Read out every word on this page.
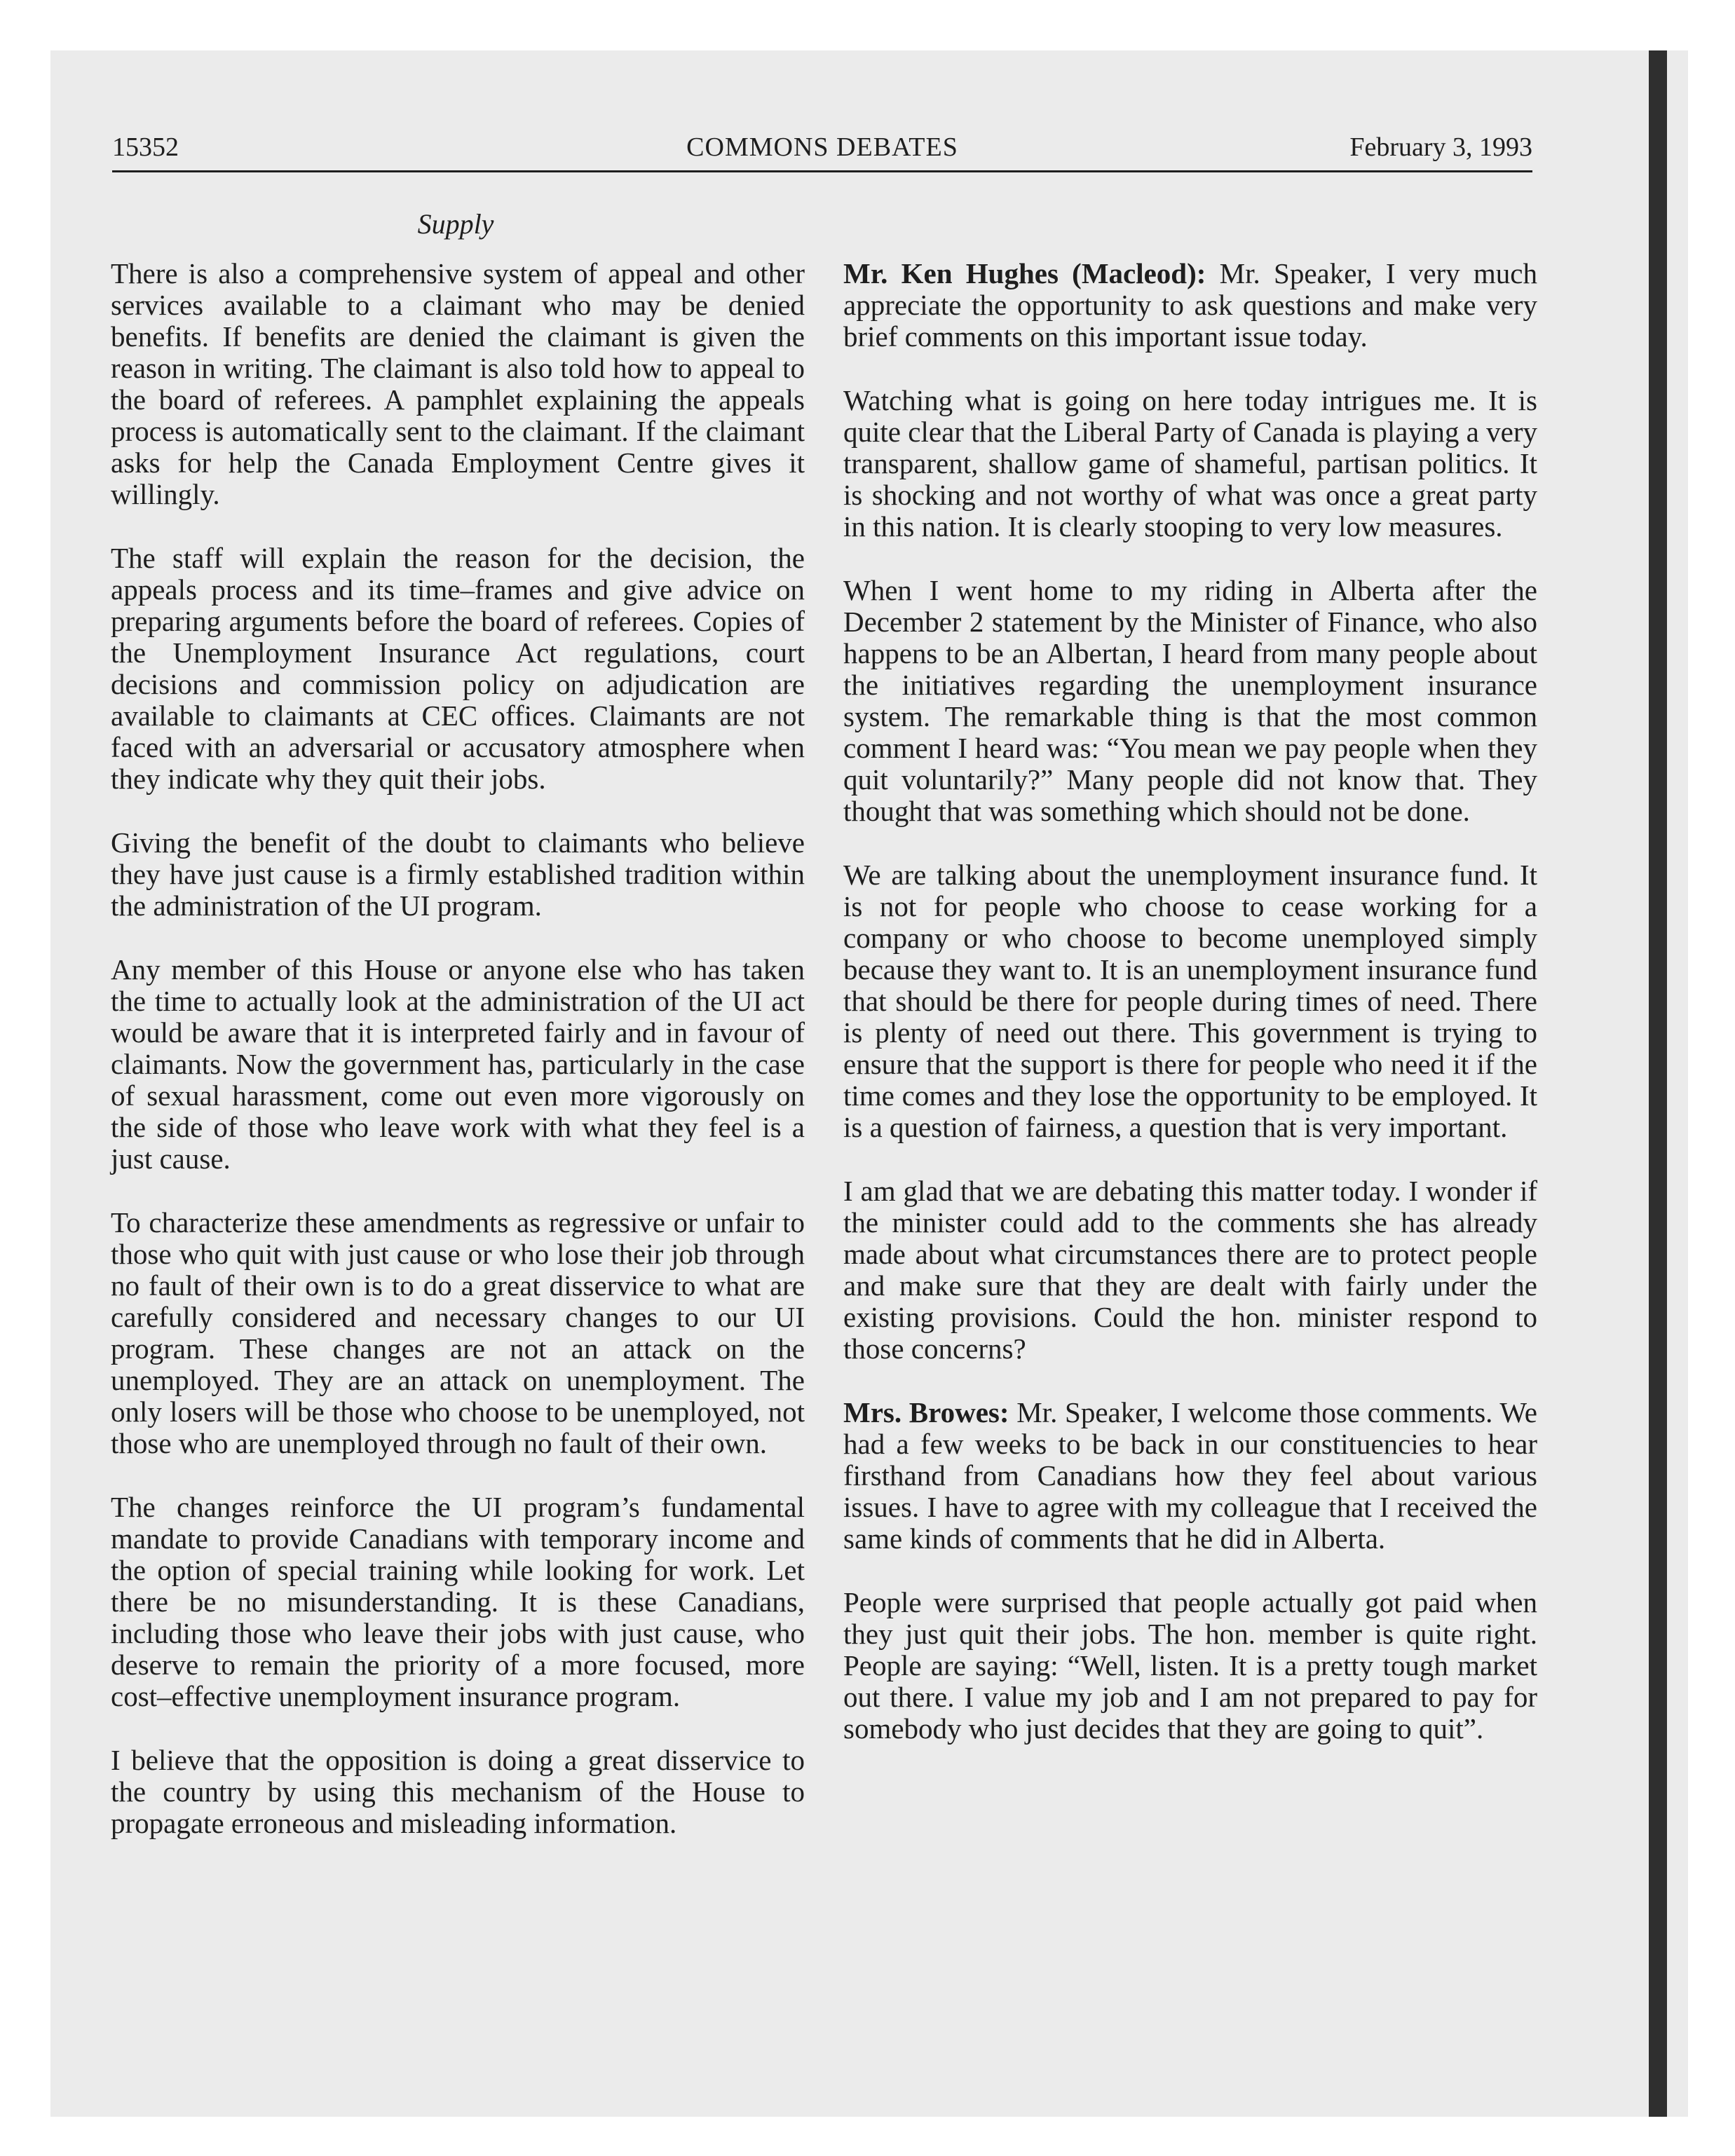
15352	COMMONS DEBATES	February 3, 1993
Supply

There is also a comprehensive system of appeal and other services available to a claimant who may be denied benefits. If benefits are denied the claimant is given the reason in writing. The claimant is also told how to appeal to the board of referees. A pamphlet explaining the appeals process is automatically sent to the claimant. If the claimant asks for help the Canada Employment Centre gives it willingly.

The staff will explain the reason for the decision, the appeals process and its time–frames and give advice on preparing arguments before the board of referees. Copies of the Unemployment Insurance Act regulations, court decisions and commission policy on adjudication are available to claimants at CEC offices. Claimants are not faced with an adversarial or accusatory atmosphere when they indicate why they quit their jobs.

Giving the benefit of the doubt to claimants who believe they have just cause is a firmly established tradition within the administration of the UI program.

Any member of this House or anyone else who has taken the time to actually look at the administration of the UI act would be aware that it is interpreted fairly and in favour of claimants. Now the government has, particularly in the case of sexual harassment, come out even more vigorously on the side of those who leave work with what they feel is a just cause.

To characterize these amendments as regressive or unfair to those who quit with just cause or who lose their job through no fault of their own is to do a great disservice to what are carefully considered and necessary changes to our UI program. These changes are not an attack on the unemployed. They are an attack on unemployment. The only losers will be those who choose to be unemployed, not those who are unemployed through no fault of their own.

The changes reinforce the UI program’s fundamental mandate to provide Canadians with temporary income and the option of special training while looking for work. Let there be no misunderstanding. It is these Canadians, including those who leave their jobs with just cause, who deserve to remain the priority of a more focused, more cost–effective unemployment insurance program.

I believe that the opposition is doing a great disservice to the country by using this mechanism of the House to propagate erroneous and misleading information.

Mr. Ken Hughes (Macleod): Mr. Speaker, I very much appreciate the opportunity to ask questions and make very brief comments on this important issue today.

Watching what is going on here today intrigues me. It is quite clear that the Liberal Party of Canada is playing a very transparent, shallow game of shameful, partisan politics. It is shocking and not worthy of what was once a great party in this nation. It is clearly stooping to very low measures.

When I went home to my riding in Alberta after the December 2 statement by the Minister of Finance, who also happens to be an Albertan, I heard from many people about the initiatives regarding the unemployment insurance system. The remarkable thing is that the most common comment I heard was: “You mean we pay people when they quit voluntarily?” Many people did not know that. They thought that was something which should not be done.

We are talking about the unemployment insurance fund. It is not for people who choose to cease working for a company or who choose to become unemployed simply because they want to. It is an unemployment insurance fund that should be there for people during times of need. There is plenty of need out there. This government is trying to ensure that the support is there for people who need it if the time comes and they lose the opportunity to be employed. It is a question of fairness, a question that is very important.

I am glad that we are debating this matter today. I wonder if the minister could add to the comments she has already made about what circumstances there are to protect people and make sure that they are dealt with fairly under the existing provisions. Could the hon. minister respond to those concerns?

Mrs. Browes: Mr. Speaker, I welcome those comments. We had a few weeks to be back in our constituencies to hear firsthand from Canadians how they feel about various issues. I have to agree with my colleague that I received the same kinds of comments that he did in Alberta.

People were surprised that people actually got paid when they just quit their jobs. The hon. member is quite right. People are saying: “Well, listen. It is a pretty tough market out there. I value my job and I am not prepared to pay for somebody who just decides that they are going to quit”.
